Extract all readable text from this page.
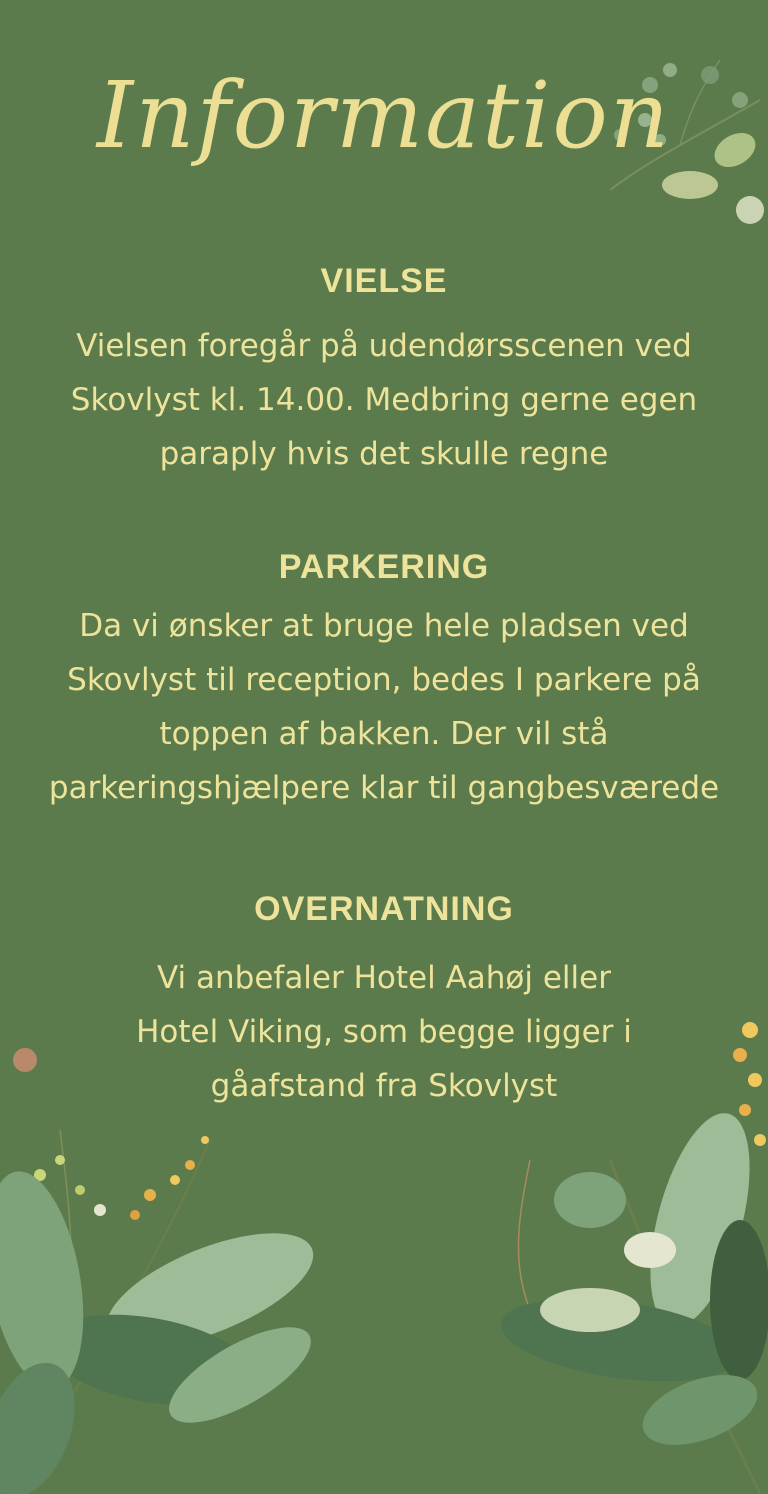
Information
VIELSE

Vielsen foregår på udendørsscenen ved
Skovlyst kl. 14.00. Medbring gerne egen
paraply hvis det skulle regne

PARKERING

Da vi ønsker at bruge hele pladsen ved
Skovlyst til reception, bedes I parkere på
toppen af bakken. Der vil stå
parkeringshjælpere klar til gangbesværede

OVERNATNING

Vi anbefaler Hotel Aahøj eller
Hotel Viking, som begge ligger i
gåafstand fra Skovlyst
